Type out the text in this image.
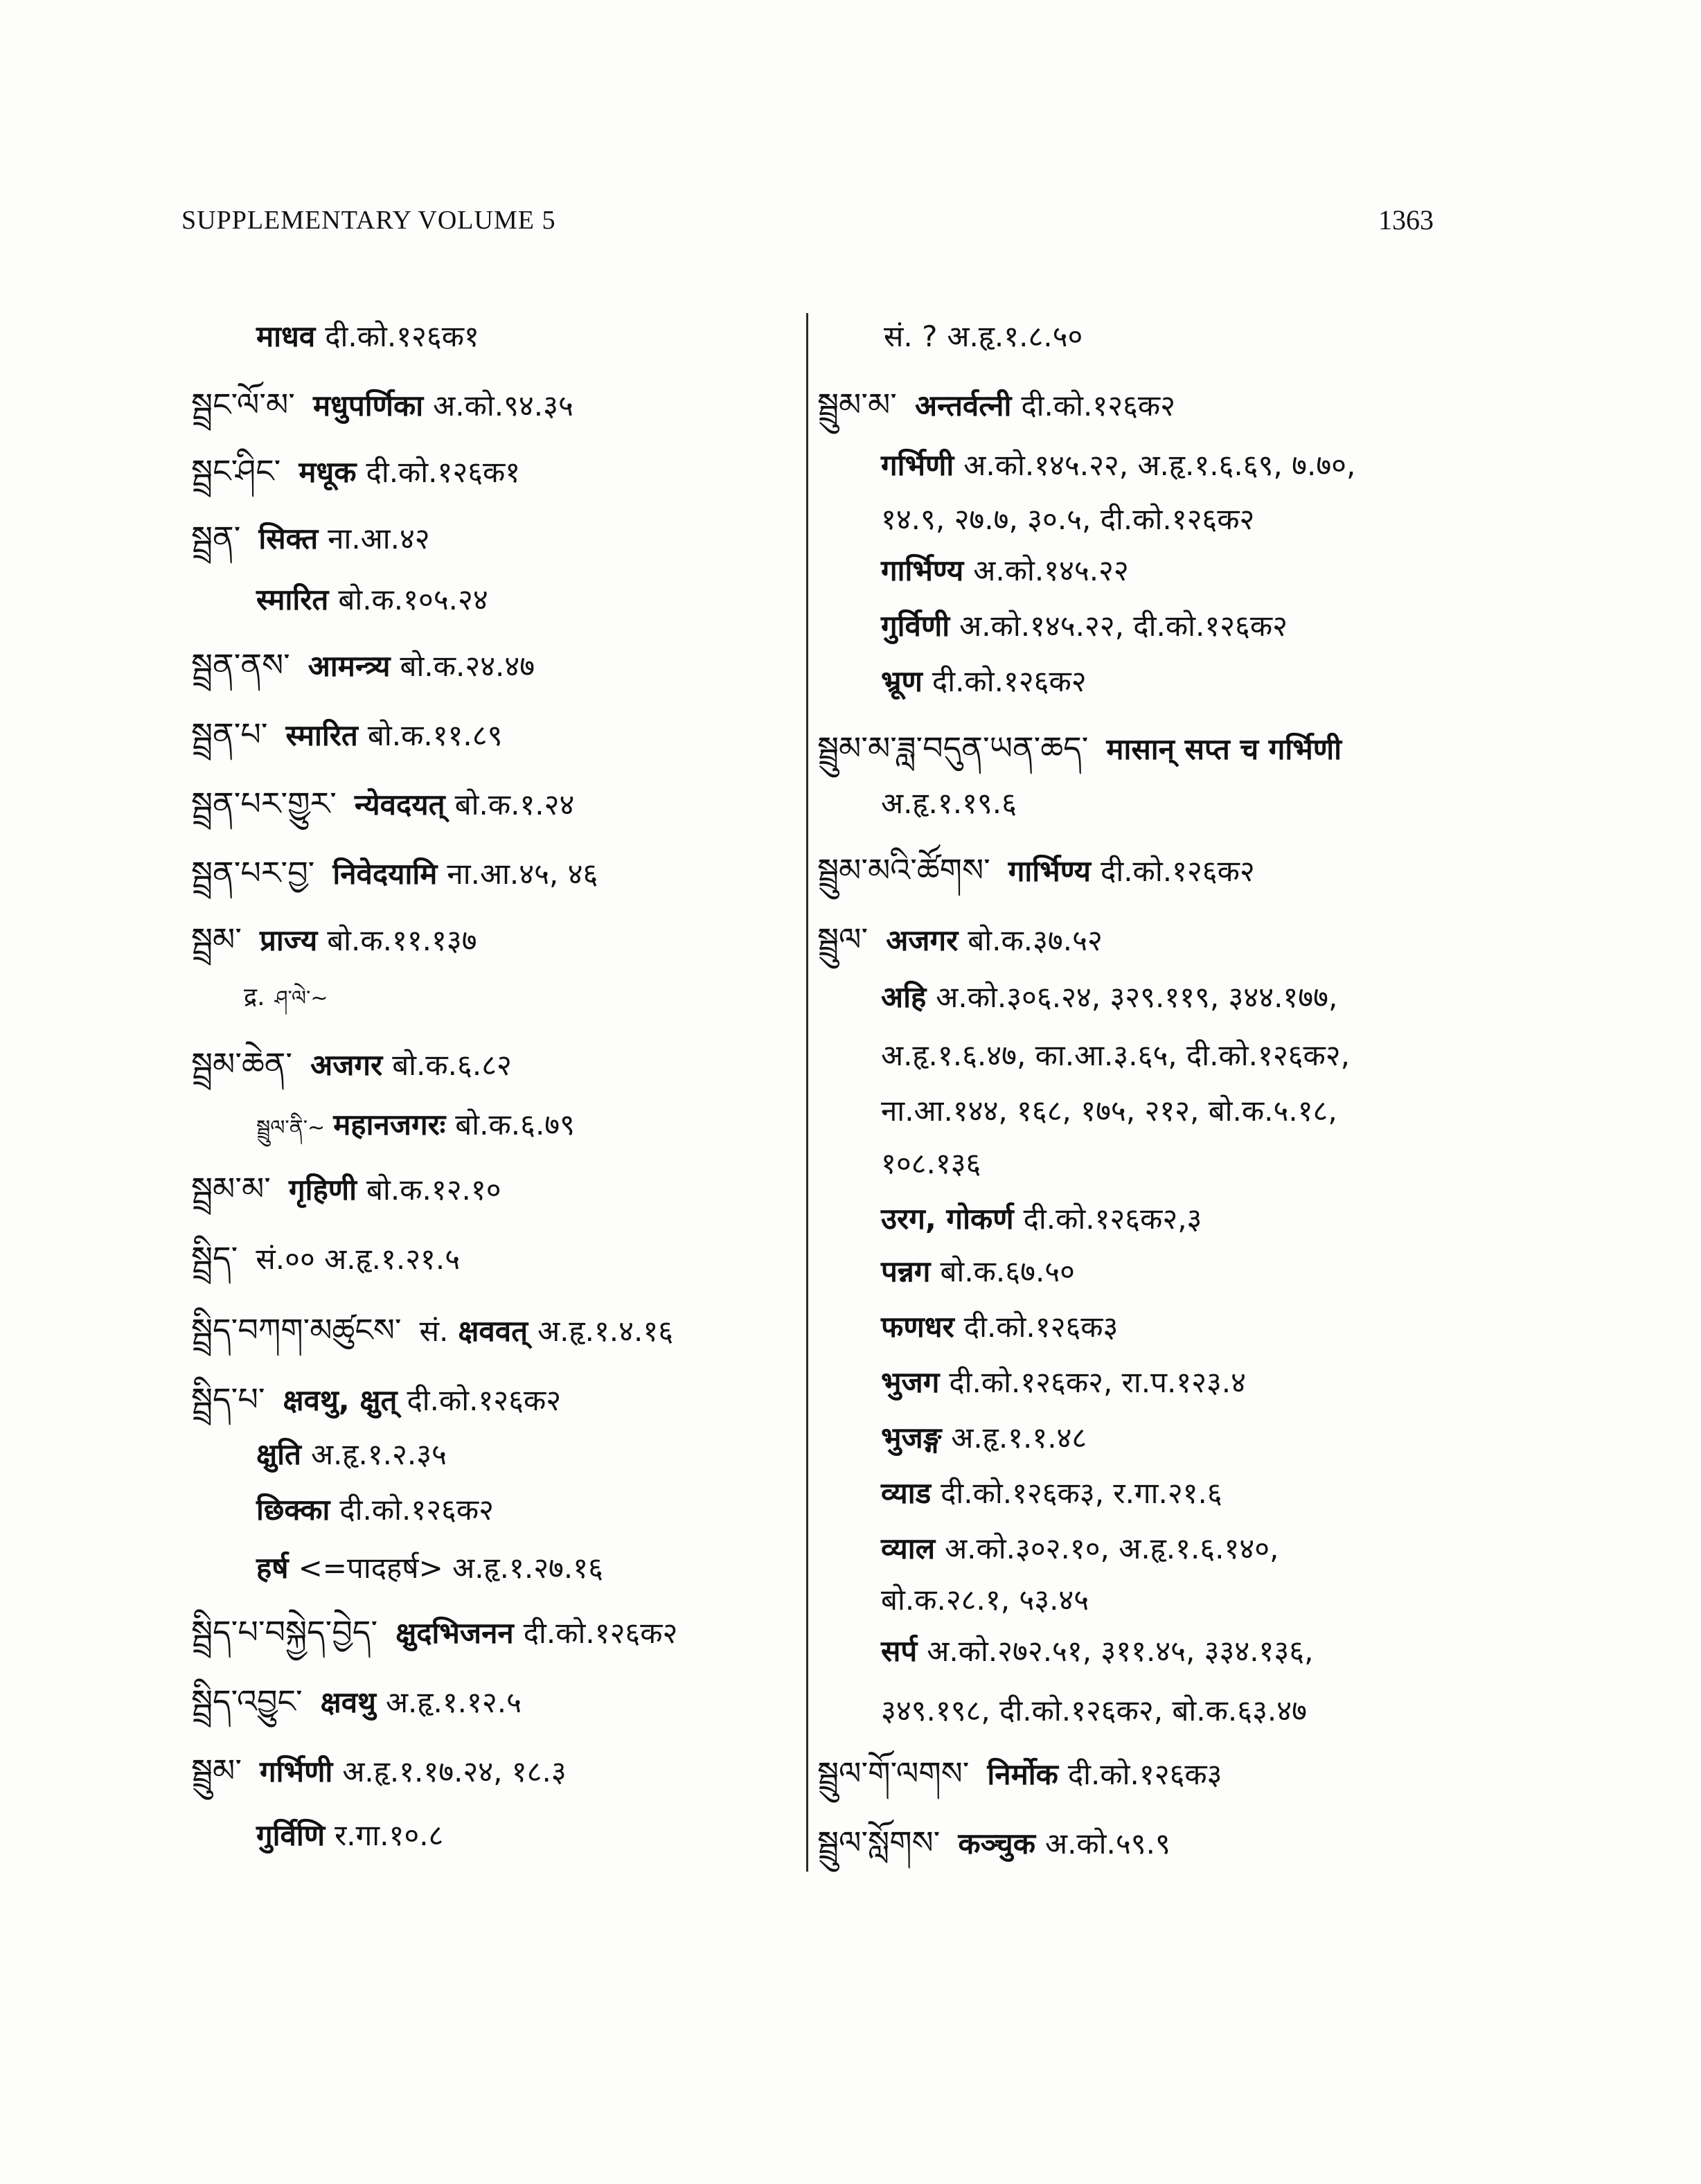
SUPPLEMENTARY VOLUME 5	1363
माधव दी.को.१२६क१
སྦྲང་ལོ་མ་ मधुपर्णिका अ.को.९४.३५
སྦྲང་ཤིང་ मधूक दी.को.१२६क१
སྦྲན་ सिक्त ना.आ.४२
स्मारित बो.क.१०५.२४
སྦྲན་ནས་ आमन्त्र्य बो.क.२४.४७
སྦྲན་པ་ स्मारित बो.क.११.८९
སྦྲན་པར་གྱུར་ न्येवदयत् बो.क.१.२४
སྦྲན་པར་བྱ་ निवेदयामि ना.आ.४५, ४६
སྦྲམ་ प्राज्य बो.क.११.१३७
द्र. ཤ་ལེ་~
སྦྲམ་ཆེན་ अजगर बो.क.६.८२
སྦྲུལ་ནི་~ महानजगरः बो.क.६.७९
སྦྲམ་མ་ गृहिणी बो.क.१२.१०
སྦྲིད་ सं.०० अ.हृ.१.२१.५
སྦྲིད་བཀག་མཚུངས་ सं. क्षववत् अ.हृ.१.४.१६
སྦྲིད་པ་ क्षवथु, क्षुत् दी.को.१२६क२
क्षुति अ.हृ.१.२.३५
छिक्का दी.को.१२६क२
हर्ष <=पादहर्ष> अ.हृ.१.२७.१६
སྦྲིད་པ་བསྐྱེད་བྱེད་ क्षुदभिजनन दी.को.१२६क२
སྦྲིད་འབྱུང་ क्षवथु अ.हृ.१.१२.५
སྦྲུམ་ गर्भिणी अ.हृ.१.१७.२४, १८.३
गुर्विणि र.गा.१०.८
सं. ? अ.हृ.१.८.५०
སྦྲུམ་མ་ अन्तर्वत्नी दी.को.१२६क२
गर्भिणी अ.को.१४५.२२, अ.हृ.१.६.६९, ७.७०,
१४.९, २७.७, ३०.५, दी.को.१२६क२
गार्भिण्य अ.को.१४५.२२
गुर्विणी अ.को.१४५.२२, दी.को.१२६क२
भ्रूण दी.को.१२६क२
སྦྲུམ་མ་ཟླ་བདུན་ཡན་ཆད་ मासान् सप्त च गर्भिणी
अ.हृ.१.१९.६
སྦྲུམ་མའི་ཚོགས་ गार्भिण्य दी.को.१२६क२
སྦྲུལ་ अजगर बो.क.३७.५२
अहि अ.को.३०६.२४, ३२९.११९, ३४४.१७७,
अ.हृ.१.६.४७, का.आ.३.६५, दी.को.१२६क२,
ना.आ.१४४, १६८, १७५, २१२, बो.क.५.१८,
१०८.१३६
उरग, गोकर्ण दी.को.१२६क२,३
पन्नग बो.क.६७.५०
फणधर दी.को.१२६क३
भुजग दी.को.१२६क२, रा.प.१२३.४
भुजङ्ग अ.हृ.१.१.४८
व्याड दी.को.१२६क३, र.गा.२१.६
व्याल अ.को.३०२.१०, अ.हृ.१.६.१४०,
बो.क.२८.१, ५३.४५
सर्प अ.को.२७२.५१, ३११.४५, ३३४.१३६,
३४९.१९८, दी.को.१२६क२, बो.क.६३.४७
སྦྲུལ་གོ་ལགས་ निर्मोक दी.को.१२६क३
སྦྲུལ་སློགས་ कञ्चुक अ.को.५९.९
